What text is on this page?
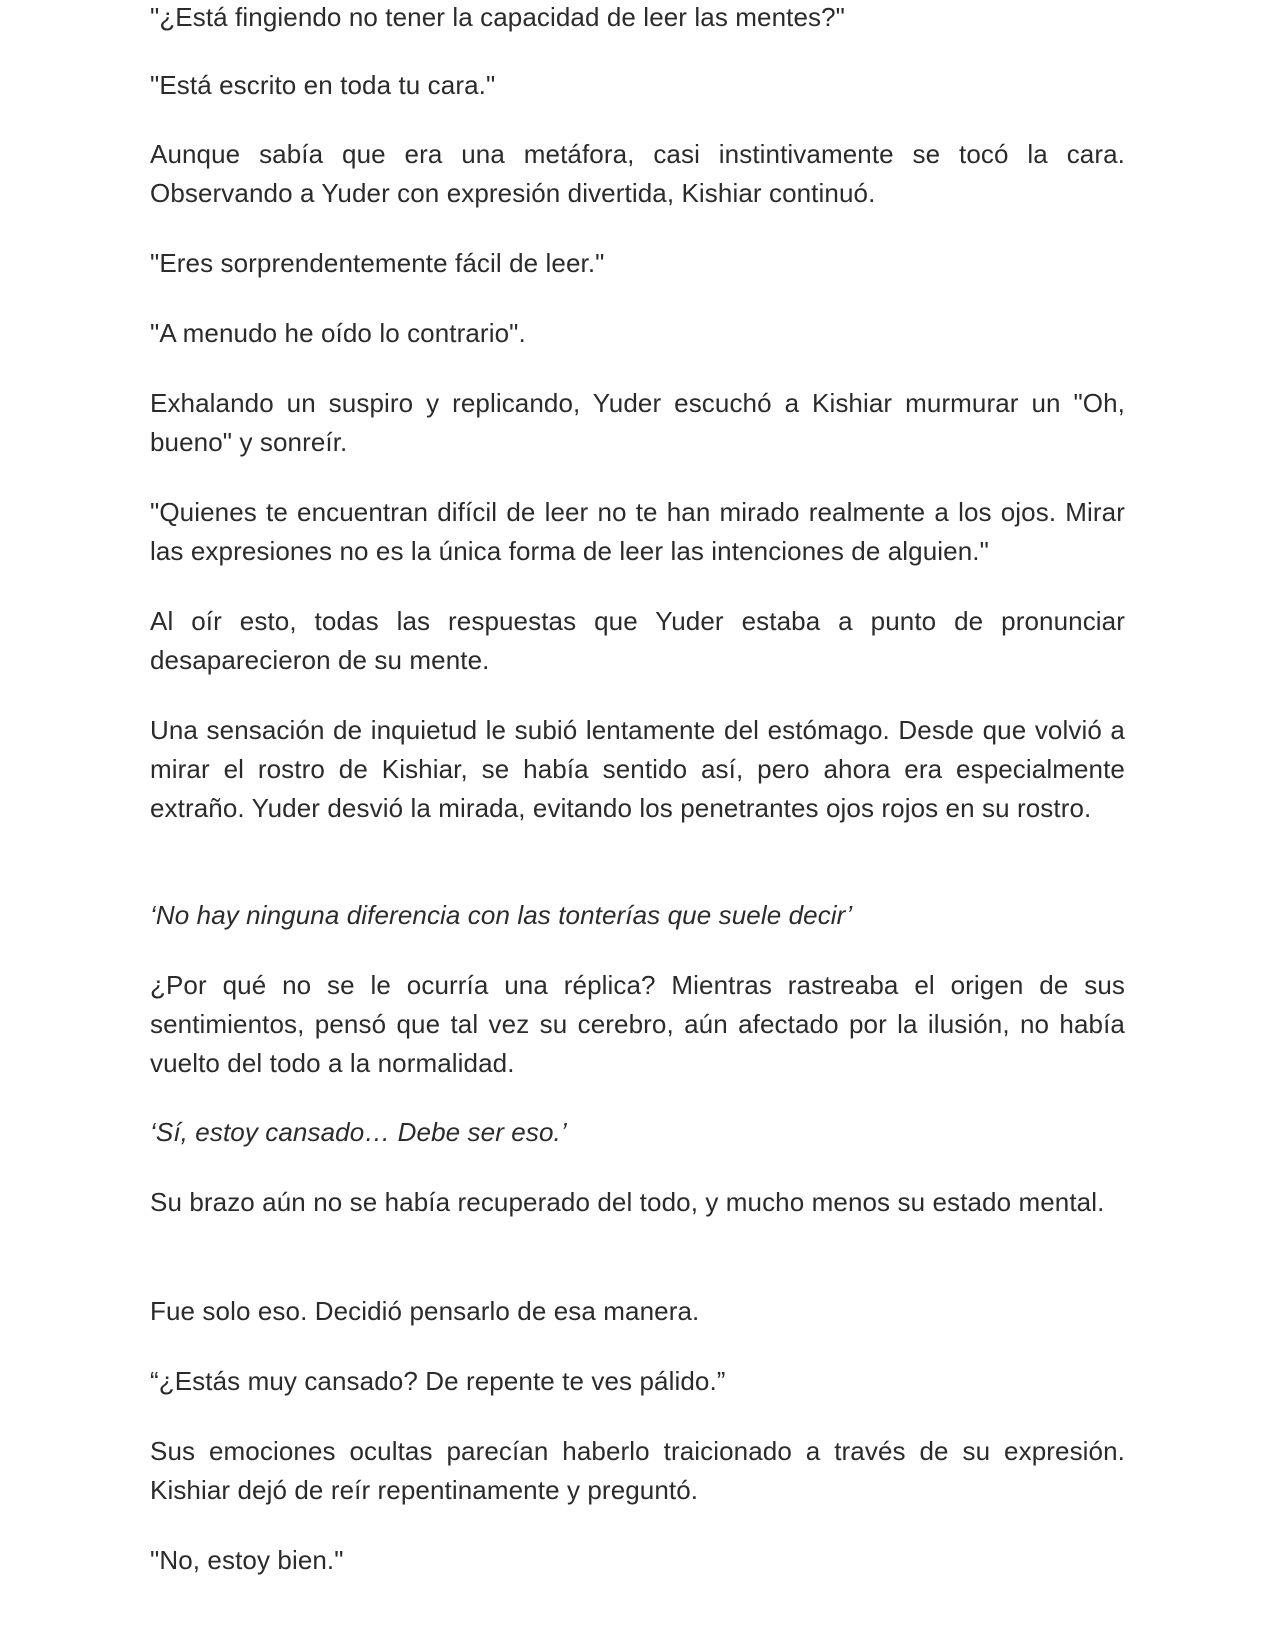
"¿Está fingiendo no tener la capacidad de leer las mentes?"

"Está escrito en toda tu cara."

Aunque sabía que era una metáfora, casi instintivamente se tocó la cara. Observando a Yuder con expresión divertida, Kishiar continuó.

"Eres sorprendentemente fácil de leer."

"A menudo he oído lo contrario".

Exhalando un suspiro y replicando, Yuder escuchó a Kishiar murmurar un "Oh, bueno" y sonreír.

"Quienes te encuentran difícil de leer no te han mirado realmente a los ojos. Mirar las expresiones no es la única forma de leer las intenciones de alguien."

Al oír esto, todas las respuestas que Yuder estaba a punto de pronunciar desaparecieron de su mente.

Una sensación de inquietud le subió lentamente del estómago. Desde que volvió a mirar el rostro de Kishiar, se había sentido así, pero ahora era especialmente extraño. Yuder desvió la mirada, evitando los penetrantes ojos rojos en su rostro.

‘No hay ninguna diferencia con las tonterías que suele decir’

¿Por qué no se le ocurría una réplica? Mientras rastreaba el origen de sus sentimientos, pensó que tal vez su cerebro, aún afectado por la ilusión, no había vuelto del todo a la normalidad.

‘Sí, estoy cansado… Debe ser eso.’

Su brazo aún no se había recuperado del todo, y mucho menos su estado mental.

Fue solo eso. Decidió pensarlo de esa manera.

“¿Estás muy cansado? De repente te ves pálido.”

Sus emociones ocultas parecían haberlo traicionado a través de su expresión. Kishiar dejó de reír repentinamente y preguntó.

"No, estoy bien."
